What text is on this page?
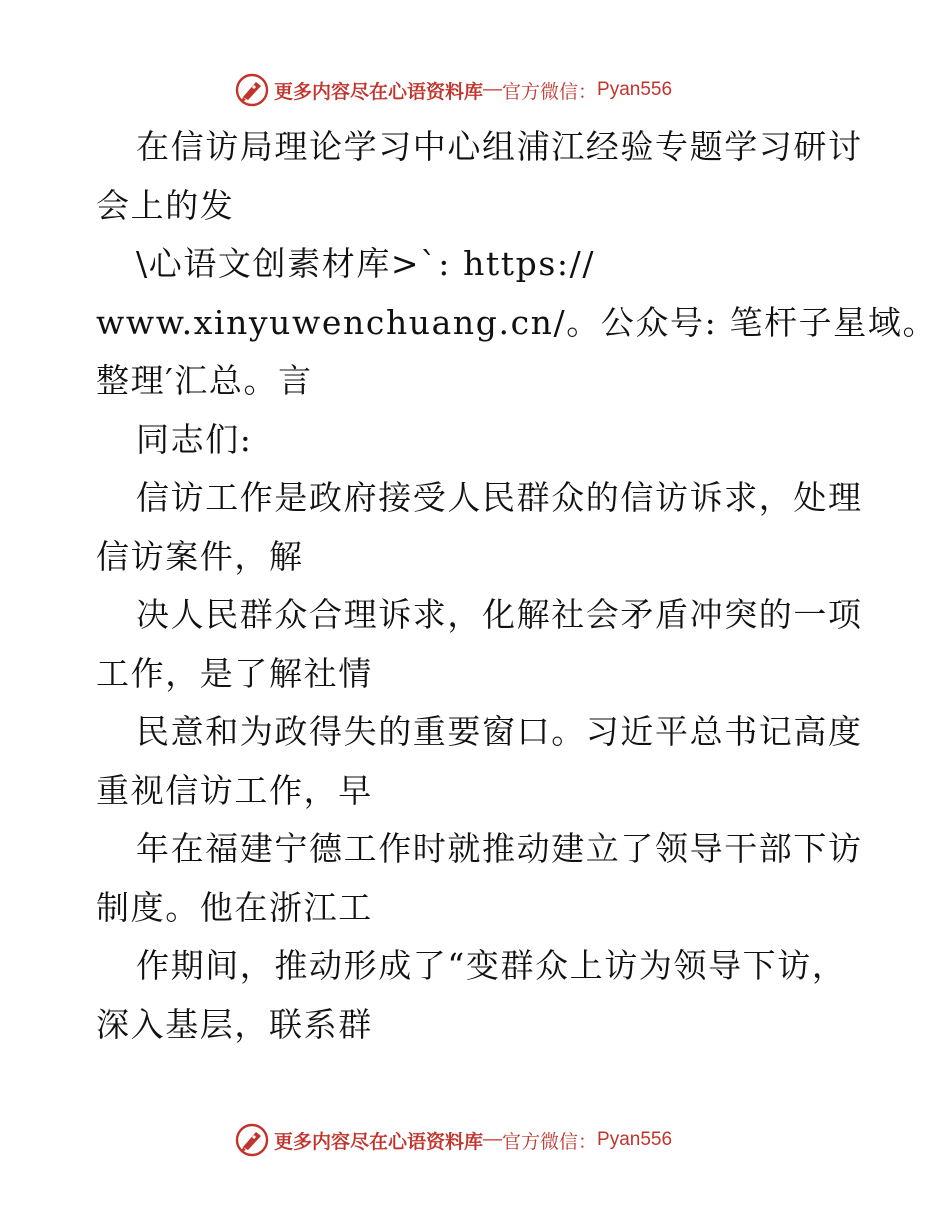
更多内容尽在心语资料库 — 官方微信： Pyan556
在信访局理论学习中心组浦江经验专题学习研讨
会上的发
\心语文创素材库>`: https://
www.xinyuwenchuang.cn/。公众号: 笔杆子星域。
整理′汇总。言
同志们:
信访工作是政府接受人民群众的信访诉求，处理
信访案件，解
决人民群众合理诉求，化解社会矛盾冲突的一项
工作，是了解社情
民意和为政得失的重要窗口。习近平总书记高度
重视信访工作，早
年在福建宁德工作时就推动建立了领导干部下访
制度。他在浙江工
作期间，推动形成了“变群众上访为领导下访，
深入基层，联系群
更多内容尽在心语资料库 — 官方微信： Pyan556
